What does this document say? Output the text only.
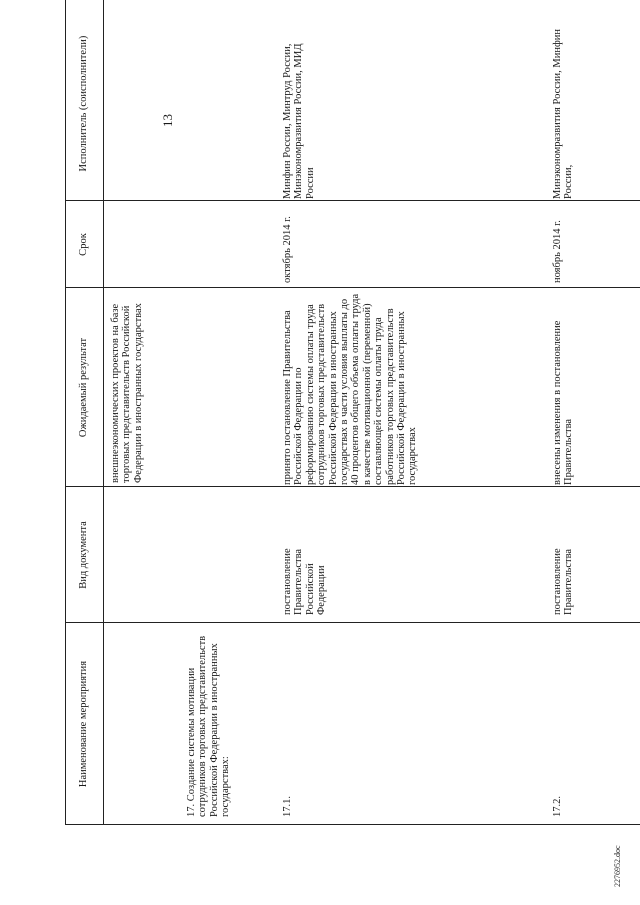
13
Наименование мероприятия
Вид документа
Ожидаемый результат
Срок
Исполнитель (соисполнители)
внешнеэкономических проектов на базе торговых представительств Российской Федерации в иностранных государствах
17. Создание системы мотивации сотрудников торговых представительств Российской Федерации в иностранных государствах:	17.1.
постановление Правительства Российской Федерации
принято постановление Правительства Российской Федерации по реформированию системы оплаты труда сотрудников торговых представительств Российской Федерации в иностранных государствах в части условия выплаты до 40 процентов общего объема оплаты труда в качестве мотивационной (переменной) составляющей системы оплаты труда работников торговых представительств Российской Федерации в иностранных государствах
октябрь 2014 г.
Минфин России, Минтруд России, Минэкономразвития России, МИД России
17.2.
постановление Правительства
внесены изменения в постановление Правительства
ноябрь 2014 г.
Минэкономразвития России, Минфин России,
2276952.doc
